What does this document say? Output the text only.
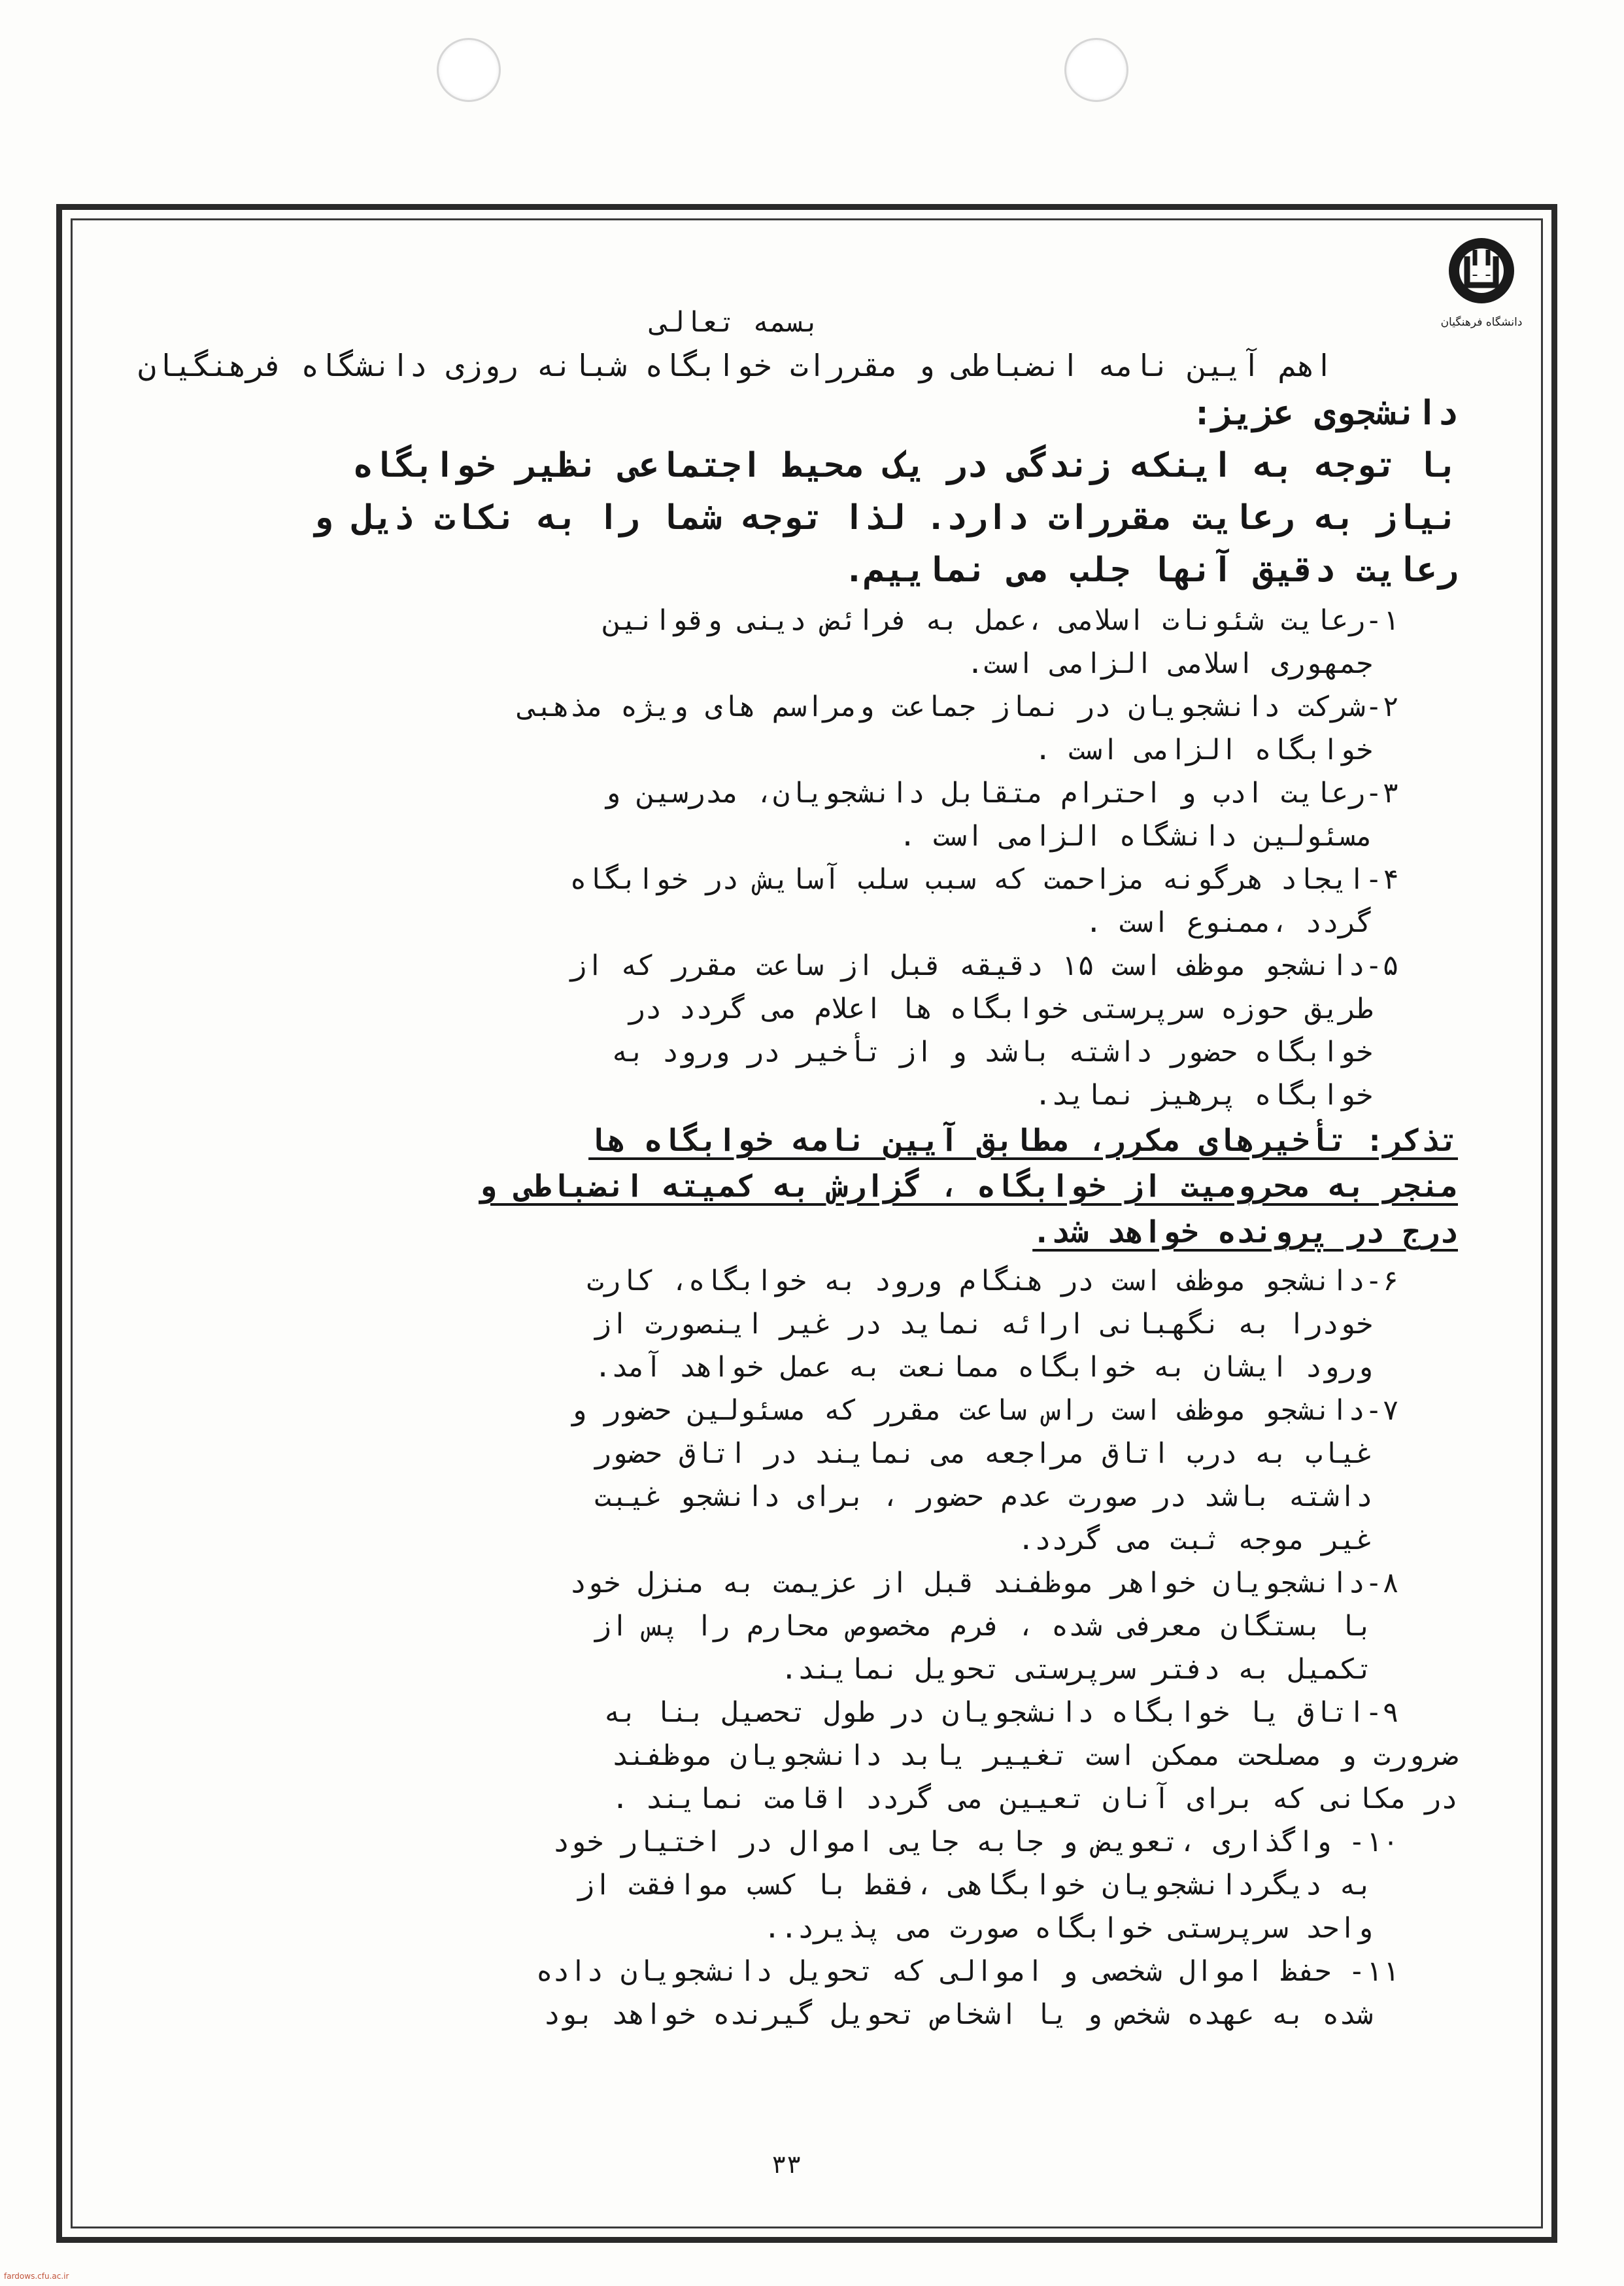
دانشگاه فرهنگیان
بسمه تعالی
اهم آیین نامه انضباطی و مقررات خوابگاه شبانه روزی دانشگاه فرهنگیان
دانشجوی عزیز:
با توجه به اینکه زندگی در یک محیط اجتماعی نظیر خوابگاه
نیاز به رعایت مقررات دارد. لذا توجه شما را به نکات ذیل و
رعایت دقیق آنها جلب می نماییم.
۱-رعایت شئونات اسلامی ،عمل به فرائض دینی وقوانین
جمهوری اسلامی الزامی است.
۲-شرکت دانشجویان در نماز جماعت ومراسم های ویژه مذهبی
خوابگاه الزامی است .
۳-رعایت ادب و احترام متقابل دانشجویان، مدرسین و
مسئولین دانشگاه الزامی است .
۴-ایجاد هرگونه مزاحمت که سبب سلب آسایش در خوابگاه
گردد ،ممنوع است .
۵-دانشجو موظف است ۱۵ دقیقه قبل از ساعت مقرر که از
طریق حوزه سرپرستی خوابگاه ها اعلام می گردد در
خوابگاه حضور داشته باشد و از تأخیر در ورود به
خوابگاه پرهیز نماید.
تذکر: تأخیرهای مکرر، مطابق آیین نامه خوابگاه ها
منجر به محرومیت از خوابگاه ، گزارش به کمیته انضباطی و
درج در پرونده خواهد شد.
۶-دانشجو موظف است در هنگام ورود به خوابگاه، کارت
خودرا به نگهبانی ارائه نماید در غیر اینصورت از
ورود ایشان به خوابگاه ممانعت به عمل خواهد آمد.
۷-دانشجو موظف است راس ساعت مقرر که مسئولین حضور و
غیاب به درب اتاق مراجعه می نمایند در اتاق حضور
داشته باشد در صورت عدم حضور ، برای دانشجو غیبت
غیر موجه ثبت می گردد.
۸-دانشجویان خواهر موظفند قبل از عزیمت به منزل خود
با بستگان معرفی شده ، فرم مخصوص محارم را پس از
تکمیل به دفتر سرپرستی تحویل نمایند.
۹-اتاق یا خوابگاه دانشجویان در طول تحصیل بنا به
ضرورت و مصلحت ممکن است تغییر یابد دانشجویان موظفند
در مکانی که برای آنان تعیین می گردد اقامت نمایند .
۱۰- واگذاری ،تعویض و جابه جایی اموال در اختیار خود
به دیگردانشجویان خوابگاهی ،فقط با کسب موافقت از
واحد سرپرستی خوابگاه صورت می پذیرد..
۱۱- حفظ اموال شخصی و اموالی که تحویل دانشجویان داده
شده به عهده شخص و یا اشخاص تحویل گیرنده خواهد بود
۳۳
fardows.cfu.ac.ir
